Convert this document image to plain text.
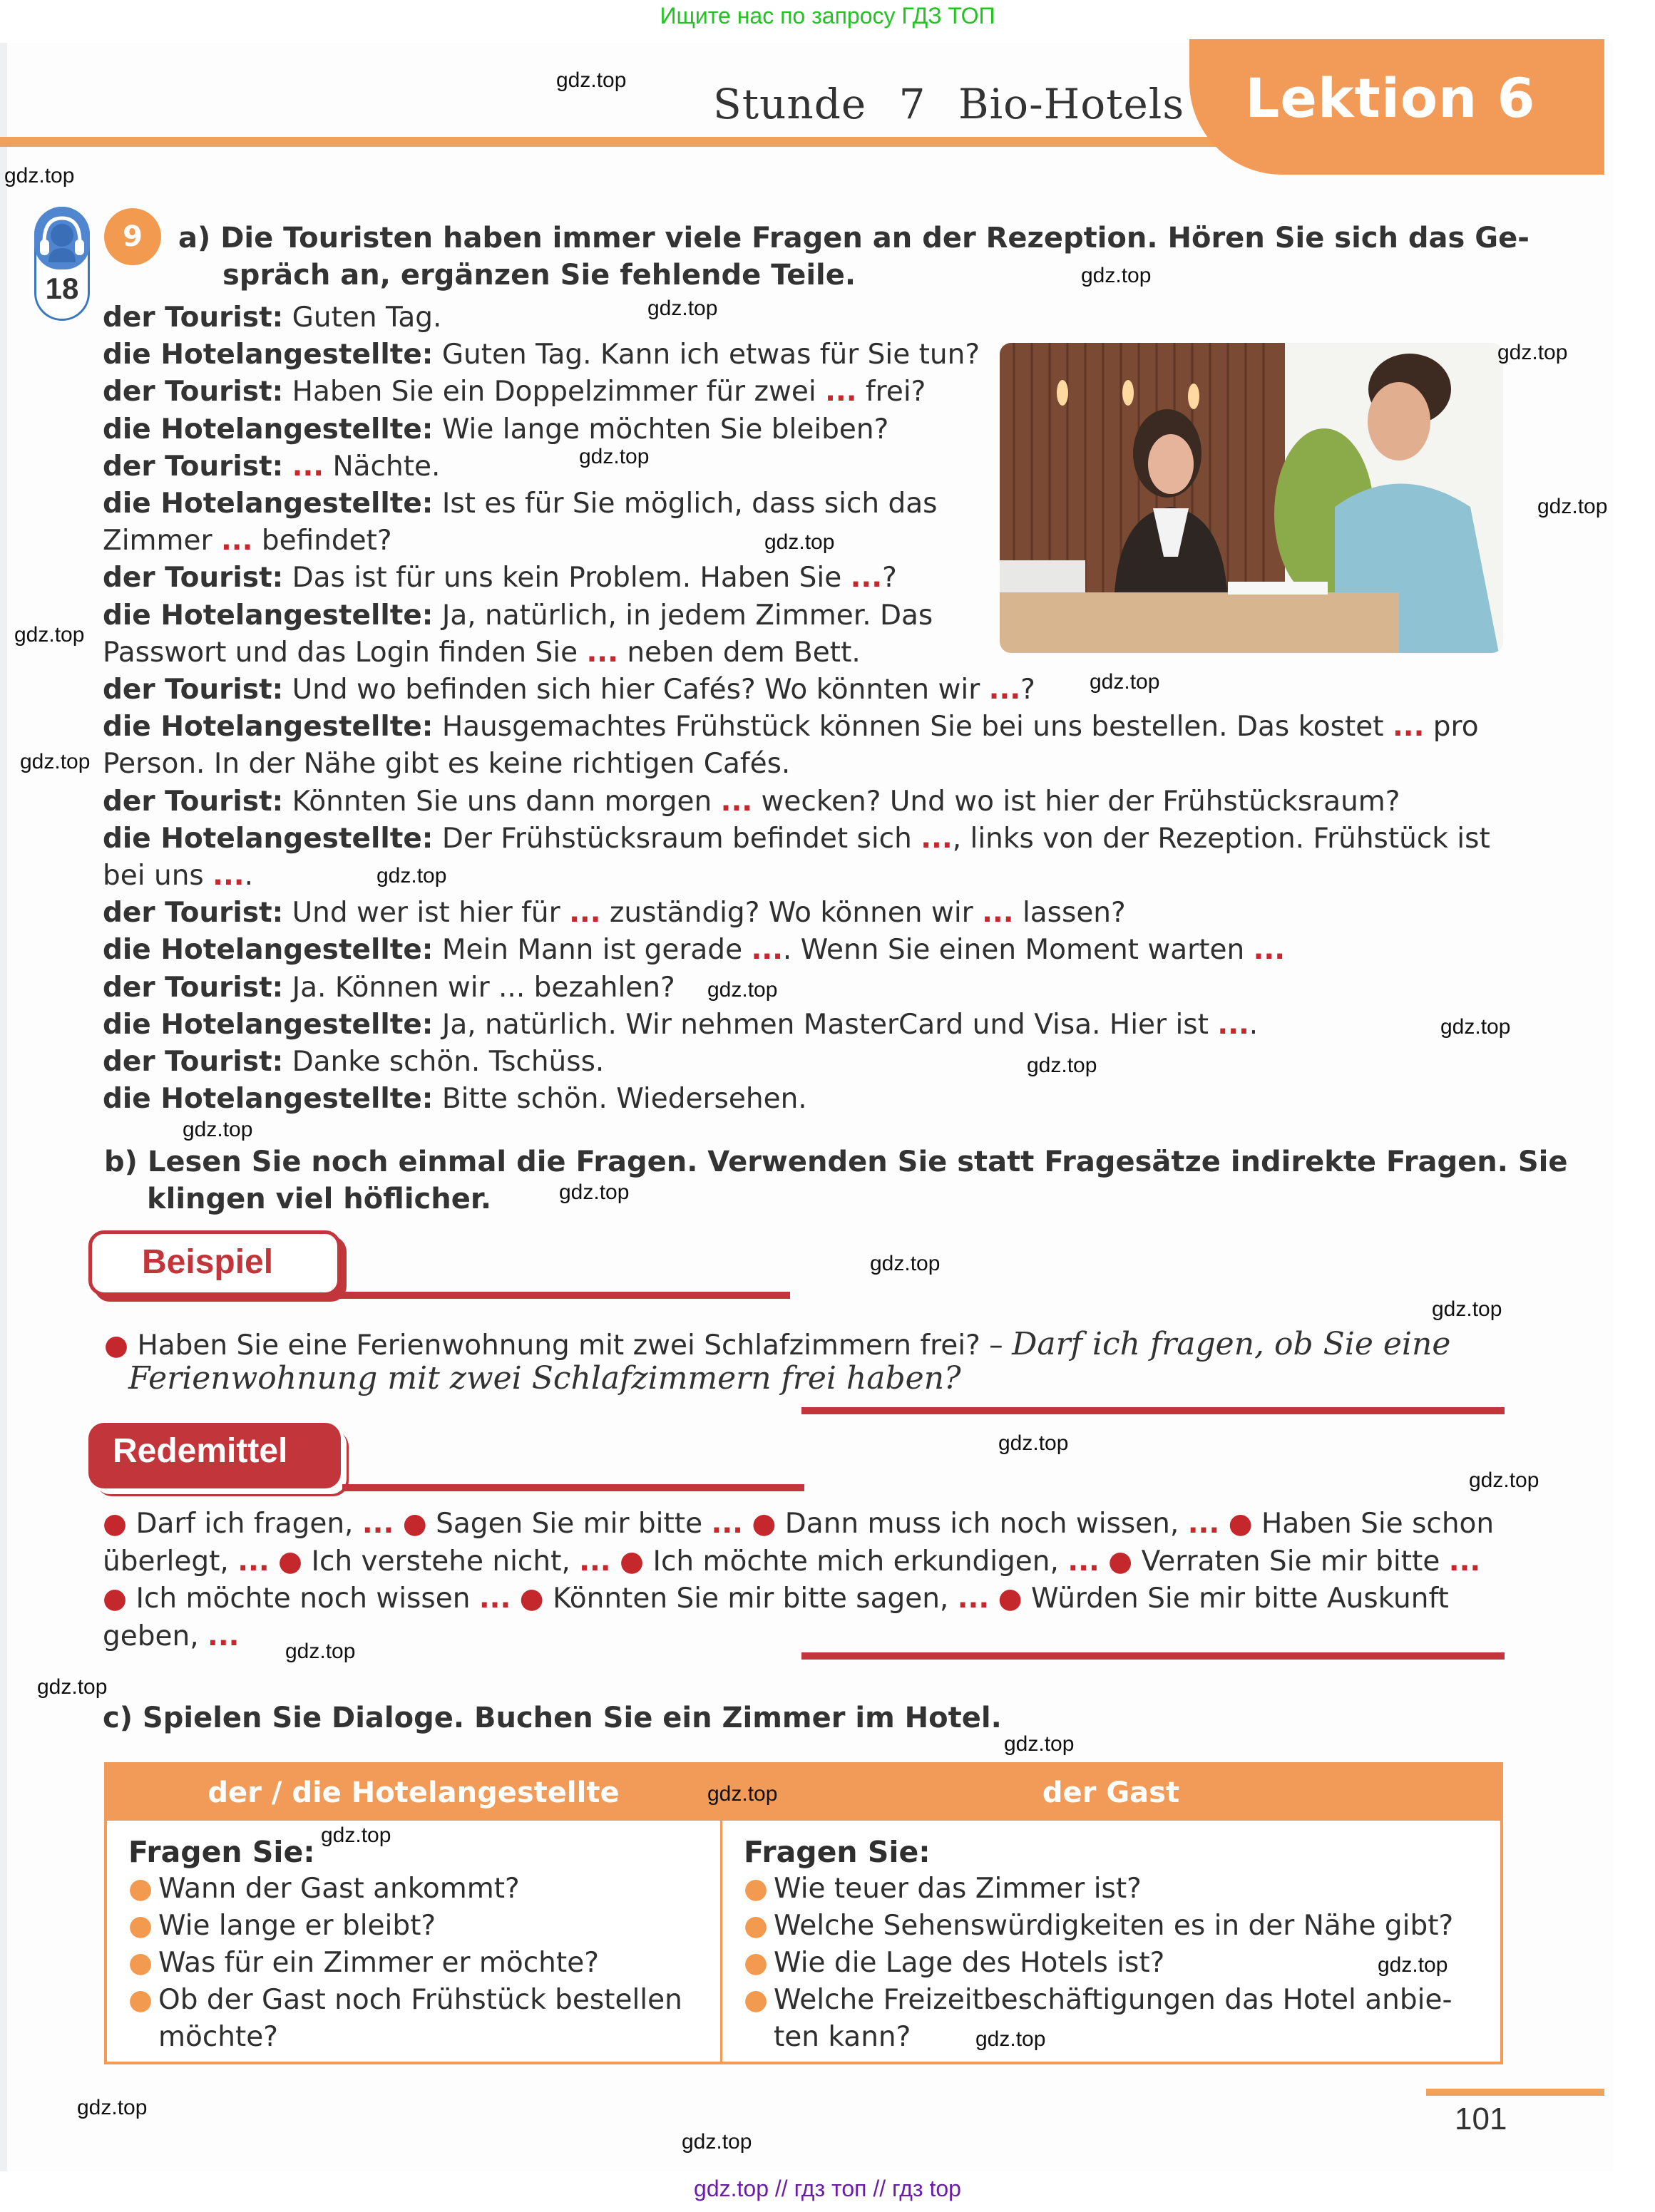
Ищите нас по запросу ГДЗ ТОП
Stunde 7 Bio-Hotels Lektion 6
18
9	a) Die Touristen haben immer viele Fragen an der Rezeption. Hören Sie sich das Ge-
spräch an, ergänzen Sie fehlende Teile.
der Tourist: Guten Tag.
die Hotelangestellte: Guten Tag. Kann ich etwas für Sie tun?
der Tourist: Haben Sie ein Doppelzimmer für zwei ... frei?
die Hotelangestellte: Wie lange möchten Sie bleiben?
der Tourist: ... Nächte.
die Hotelangestellte: Ist es für Sie möglich, dass sich das
Zimmer ... befindet?
der Tourist: Das ist für uns kein Problem. Haben Sie ...?
die Hotelangestellte: Ja, natürlich, in jedem Zimmer. Das
Passwort und das Login finden Sie ... neben dem Bett.
der Tourist: Und wo befinden sich hier Cafés? Wo könnten wir ...?
die Hotelangestellte: Hausgemachtes Frühstück können Sie bei uns bestellen. Das kostet ... pro
Person. In der Nähe gibt es keine richtigen Cafés.
der Tourist: Könnten Sie uns dann morgen ... wecken? Und wo ist hier der Frühstücksraum?
die Hotelangestellte: Der Frühstücksraum befindet sich ..., links von der Rezeption. Frühstück ist
bei uns ....
der Tourist: Und wer ist hier für ... zuständig? Wo können wir ... lassen?
die Hotelangestellte: Mein Mann ist gerade .... Wenn Sie einen Moment warten ...
der Tourist: Ja. Können wir ... bezahlen?
die Hotelangestellte: Ja, natürlich. Wir nehmen MasterCard und Visa. Hier ist ....
der Tourist: Danke schön. Tschüss.
die Hotelangestellte: Bitte schön. Wiedersehen.
b) Lesen Sie noch einmal die Fragen. Verwenden Sie statt Fragesätze indirekte Fragen. Sie
klingen viel höflicher.
Beispiel
● Haben Sie eine Ferienwohnung mit zwei Schlafzimmern frei? – Darf ich fragen, ob Sie eine
Ferienwohnung mit zwei Schlafzimmern frei haben?
Redemittel
● Darf ich fragen, ... ● Sagen Sie mir bitte ... ● Dann muss ich noch wissen, ... ● Haben Sie schon
überlegt, ... ● Ich verstehe nicht, ... ● Ich möchte mich erkundigen, ... ● Verraten Sie mir bitte ...
● Ich möchte noch wissen ... ● Könnten Sie mir bitte sagen, ... ● Würden Sie mir bitte Auskunft
geben, ...
c) Spielen Sie Dialoge. Buchen Sie ein Zimmer im Hotel.
der / die Hotelangestellte	der Gast
Fragen Sie:
● Wann der Gast ankommt?
● Wie lange er bleibt?
● Was für ein Zimmer er möchte?
● Ob der Gast noch Frühstück bestellen möchte?
Fragen Sie:
● Wie teuer das Zimmer ist?
● Welche Sehenswürdigkeiten es in der Nähe gibt?
● Wie die Lage des Hotels ist?
● Welche Freizeitbeschäftigungen das Hotel anbie-ten kann?
gdz.top
gdz.top
gdz.top
gdz.top
gdz.top
gdz.top
gdz.top
gdz.top
gdz.top
gdz.top
gdz.top
gdz.top
gdz.top
gdz.top
gdz.top
gdz.top
gdz.top
gdz.top
gdz.top
gdz.top
gdz.top
gdz.top
gdz.top
gdz.top
gdz.top
gdz.top
gdz.top
gdz.top
gdz.top
gdz.top
101
gdz.top // гдз топ // гдз top
